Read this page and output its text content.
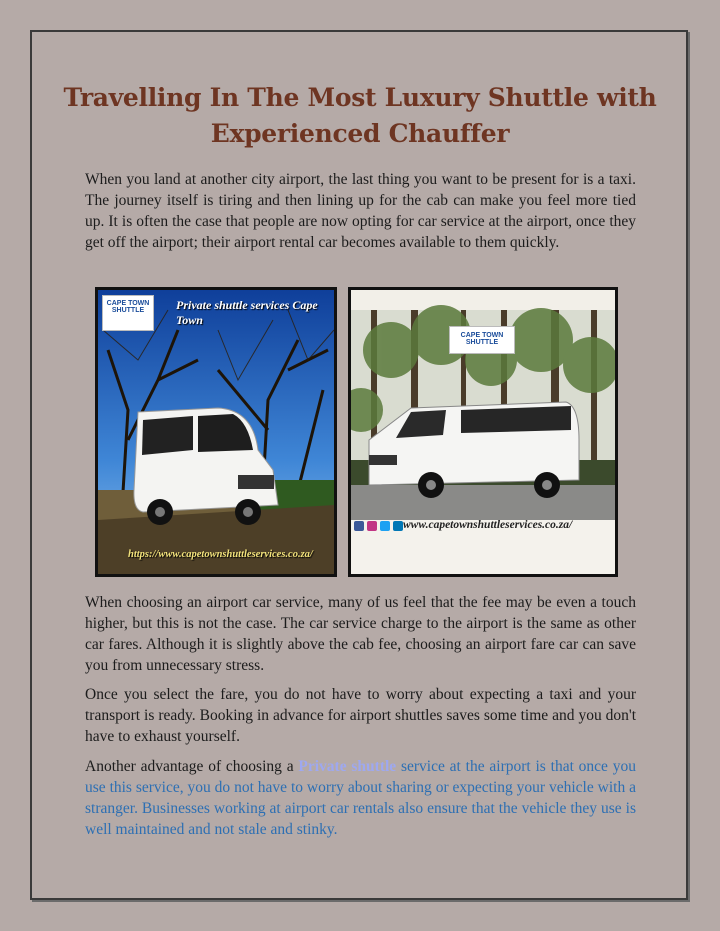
Travelling In The Most Luxury Shuttle with Experienced Chauffer

When you land at another city airport, the last thing you want to be present for is a taxi. The journey itself is tiring and then lining up for the cab can make you feel more tied up. It is often the case that people are now opting for car service at the airport, once they get off the airport; their airport rental car becomes available to them quickly.

CAPE TOWN SHUTTLE	Private shuttle services Cape Town
https://www.capetownshuttleservices.co.za/
CAPE TOWN SHUTTLE
www.capetownshuttleservices.co.za/

When choosing an airport car service, many of us feel that the fee may be even a touch higher, but this is not the case. The car service charge to the airport is the same as other car fares. Although it is slightly above the cab fee, choosing an airport fare car can save you from unnecessary stress.

Once you select the fare, you do not have to worry about expecting a taxi and your transport is ready. Booking in advance for airport shuttles saves some time and you don't have to exhaust yourself.

Another advantage of choosing a Private shuttle service at the airport is that once you use this service, you do not have to worry about sharing or expecting your vehicle with a stranger. Businesses working at airport car rentals also ensure that the vehicle they use is well maintained and not stale and stinky.
